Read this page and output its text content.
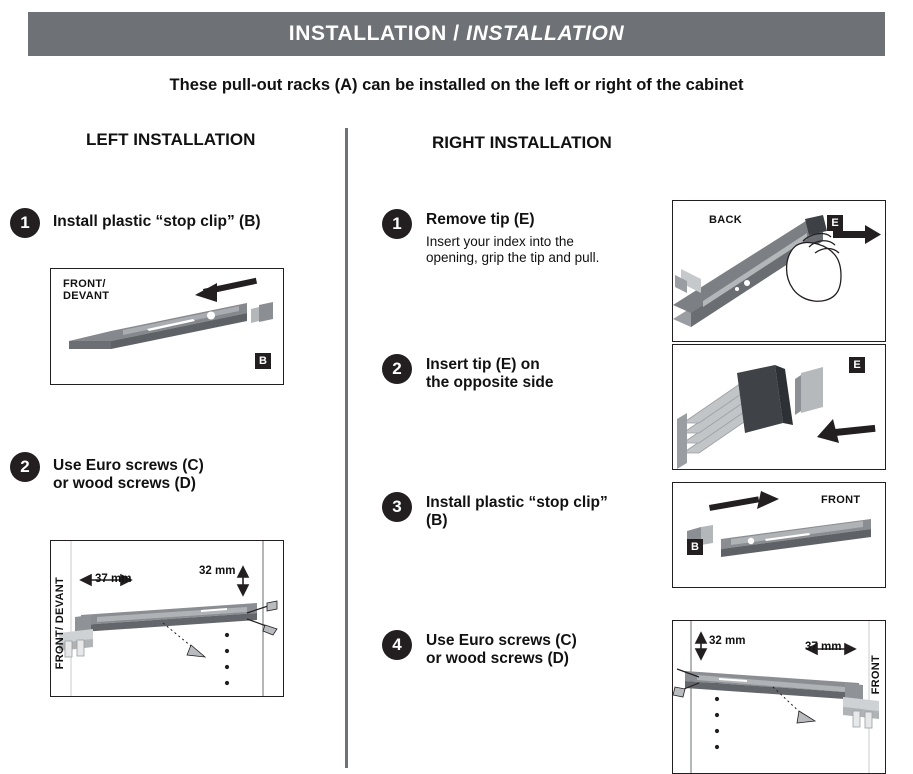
INSTALLATION / INSTALLATION
These pull-out racks (A) can be installed on the left or right of the cabinet
LEFT INSTALLATION	RIGHT INSTALLATION
1	Install plastic “stop clip” (B)
FRONT/
DEVANT
B
2	Use Euro screws (C)
or wood screws (D)
FRONT/ DEVANT	37 mm
32 mm
1	Remove tip (E)
Insert your index into the
opening, grip the tip and pull.
BACK	E
2	Insert tip (E) on
the opposite side
E
3	Install plastic “stop clip”
(B)
B
FRONT
4	Use Euro screws (C)
or wood screws (D)
32 mm	37 mm
FRONT
